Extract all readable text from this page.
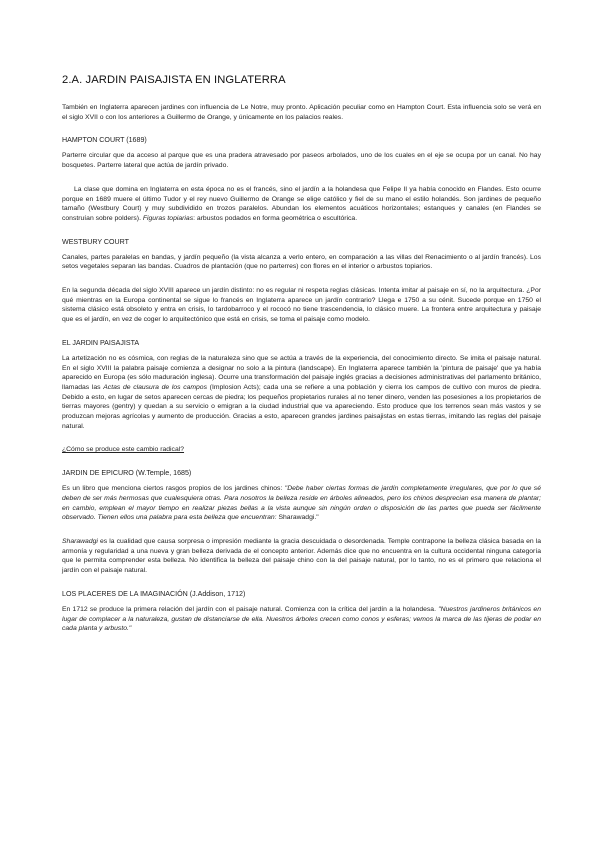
2.A. JARDIN PAISAJISTA EN INGLATERRA

También en Inglaterra aparecen jardines con influencia de Le Notre, muy pronto. Aplicación peculiar como en Hampton Court. Esta influencia solo se verá en el siglo XVII o con los anteriores a Guillermo de Orange, y únicamente en los palacios reales.

HAMPTON COURT (1689)

Parterre circular que da acceso al parque que es una pradera atravesado por paseos arbolados, uno de los cuales en el eje se ocupa por un canal. No hay bosquetes. Parterre lateral que actúa de jardín privado.

La clase que domina en Inglaterra en esta época no es el francés, sino el jardín a la holandesa que Felipe II ya había conocido en Flandes. Esto ocurre porque en 1689 muere el último Tudor y el rey nuevo Guillermo de Orange se elige católico y fiel de su mano el estilo holandés. Son jardines de pequeño tamaño (Westbury Court) y muy subdividido en trozos paralelos. Abundan los elementos acuáticos horizontales; estanques y canales (en Flandes se construían sobre polders). Figuras topiarias: arbustos podados en forma geométrica o escultórica.

WESTBURY COURT

Canales, partes paralelas en bandas, y jardín pequeño (la vista alcanza a verlo entero, en comparación a las villas del Renacimiento o al jardín francés). Los setos vegetales separan las bandas. Cuadros de plantación (que no parterres) con flores en el interior o arbustos topiarios.

En la segunda década del siglo XVIII aparece un jardín distinto: no es regular ni respeta reglas clásicas. Intenta imitar al paisaje en sí, no la arquitectura. ¿Por qué mientras en la Europa continental se sigue lo francés en Inglaterra aparece un jardín contrario? Llega e 1750 a su cénit. Sucede porque en 1750 el sistema clásico está obsoleto y entra en crisis, lo tardobarroco y el rococó no tiene trascendencia, lo clásico muere. La frontera entre arquitectura y paisaje que es el jardín, en vez de coger lo arquitectónico que está en crisis, se toma el paisaje como modelo.

EL JARDIN PAISAJISTA

La artetización no es cósmica, con reglas de la naturaleza sino que se actúa a través de la experiencia, del conocimiento directo. Se imita el paisaje natural. En el siglo XVIII la palabra paisaje comienza a designar no solo a la pintura (landscape). En Inglaterra aparece también la 'pintura de paisaje' que ya había aparecido en Europa (es sólo maduración inglesa). Ocurre una transformación del paisaje inglés gracias a decisiones administrativas del parlamento británico, llamadas las Actas de clausura de los campos (Implosion Acts); cada una se refiere a una población y cierra los campos de cultivo con muros de piedra. Debido a esto, en lugar de setos aparecen cercas de piedra; los pequeños propietarios rurales al no tener dinero, venden las posesiones a los propietarios de tierras mayores (gentry) y quedan a su servicio o emigran a la ciudad industrial que va apareciendo. Esto produce que los terrenos sean más vastos y se produzcan mejoras agrícolas y aumento de producción. Gracias a esto, aparecen grandes jardines paisajistas en estas tierras, imitando las reglas del paisaje natural.

¿Cómo se produce este cambio radical?

JARDIN DE EPICURO (W.Temple, 1685)

Es un libro que menciona ciertos rasgos propios de los jardines chinos: "Debe haber ciertas formas de jardín completamente irregulares, que por lo que sé deben de ser más hermosas que cualesquiera otras. Para nosotros la belleza reside en árboles alineados, pero los chinos desprecian esa manera de plantar; en cambio, emplean el mayor tiempo en realizar piezas bellas a la vista aunque sin ningún orden o disposición de las partes que pueda ser fácilmente observado. Tienen ellos una palabra para esta belleza que encuentran: Sharawadgi."

Sharawadgi es la cualidad que causa sorpresa o impresión mediante la gracia descuidada o desordenada. Temple contrapone la belleza clásica basada en la armonía y regularidad a una nueva y gran belleza derivada de el concepto anterior. Además dice que no encuentra en la cultura occidental ninguna categoría que le permita comprender esta belleza. No identifica la belleza del paisaje chino con la del paisaje natural, por lo tanto, no es el primero que relaciona el jardín con el paisaje natural.

LOS PLACERES DE LA IMAGINACIÓN (J.Addison, 1712)

En 1712 se produce la primera relación del jardín con el paisaje natural. Comienza con la crítica del jardín a la holandesa. "Nuestros jardineros británicos en lugar de complacer a la naturaleza, gustan de distanciarse de ella. Nuestros árboles crecen como conos y esferas; vemos la marca de las tijeras de podar en cada planta y arbusto."
